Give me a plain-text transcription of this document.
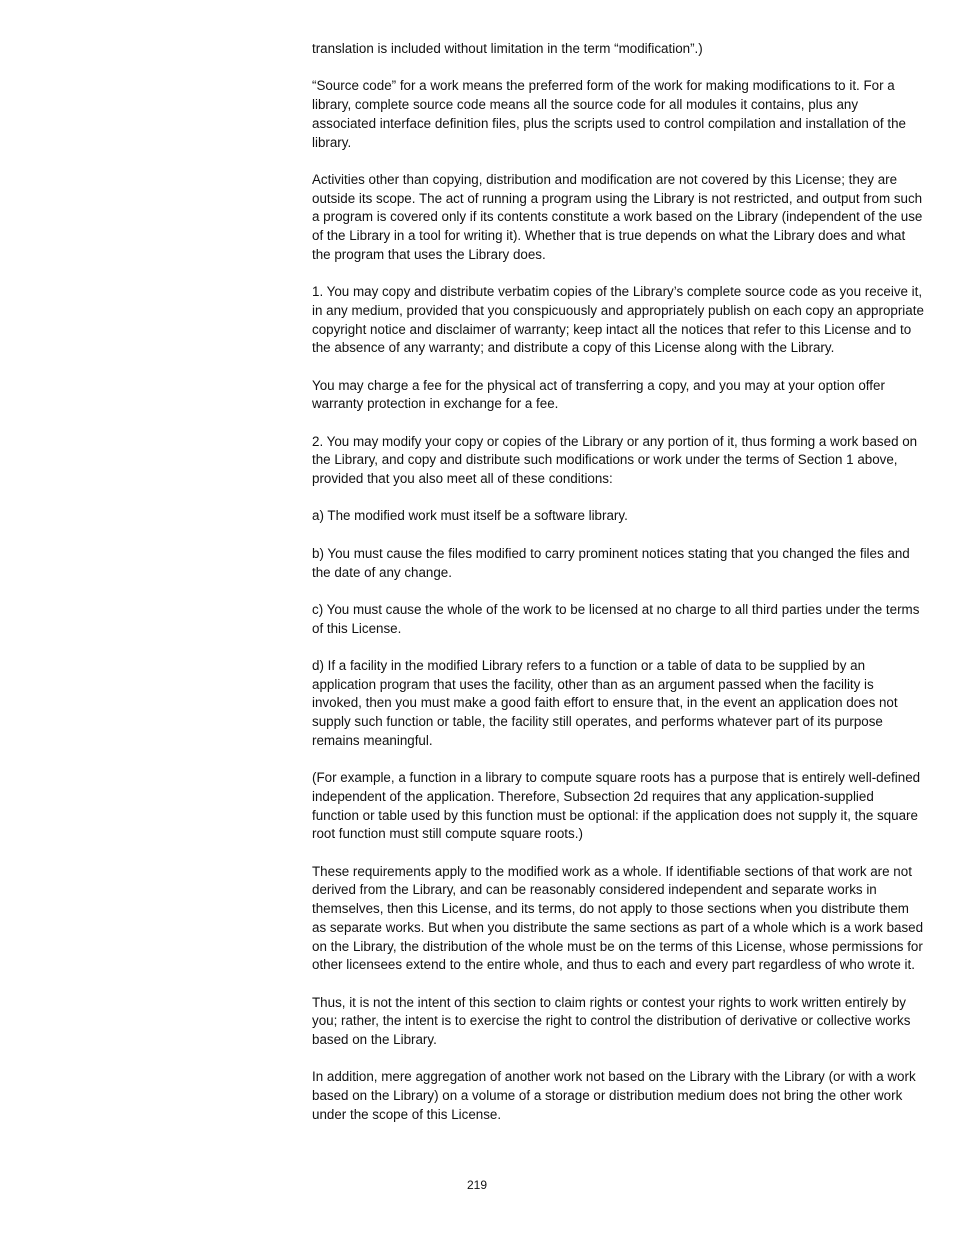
translation is included without limitation in the term “modification”.)

“Source code” for a work means the preferred form of the work for making modifications to it. For a library, complete source code means all the source code for all modules it contains, plus any associated interface definition files, plus the scripts used to control compilation and installation of the library.

Activities other than copying, distribution and modification are not covered by this License; they are outside its scope. The act of running a program using the Library is not restricted, and output from such a program is covered only if its contents constitute a work based on the Library (independent of the use of the Library in a tool for writing it). Whether that is true depends on what the Library does and what the program that uses the Library does.

1. You may copy and distribute verbatim copies of the Library’s complete source code as you receive it, in any medium, provided that you conspicuously and appropriately publish on each copy an appropriate copyright notice and disclaimer of warranty; keep intact all the notices that refer to this License and to the absence of any warranty; and distribute a copy of this License along with the Library.

You may charge a fee for the physical act of transferring a copy, and you may at your option offer warranty protection in exchange for a fee.

2. You may modify your copy or copies of the Library or any portion of it, thus forming a work based on the Library, and copy and distribute such modifications or work under the terms of Section 1 above, provided that you also meet all of these conditions:

a) The modified work must itself be a software library.

b) You must cause the files modified to carry prominent notices stating that you changed the files and the date of any change.

c) You must cause the whole of the work to be licensed at no charge to all third parties under the terms of this License.

d) If a facility in the modified Library refers to a function or a table of data to be supplied by an application program that uses the facility, other than as an argument passed when the facility is invoked, then you must make a good faith effort to ensure that, in the event an application does not supply such function or table, the facility still operates, and performs whatever part of its purpose remains meaningful.

(For example, a function in a library to compute square roots has a purpose that is entirely well-defined independent of the application. Therefore, Subsection 2d requires that any application-supplied function or table used by this function must be optional: if the application does not supply it, the square root function must still compute square roots.)

These requirements apply to the modified work as a whole. If identifiable sections of that work are not derived from the Library, and can be reasonably considered independent and separate works in themselves, then this License, and its terms, do not apply to those sections when you distribute them as separate works. But when you distribute the same sections as part of a whole which is a work based on the Library, the distribution of the whole must be on the terms of this License, whose permissions for other licensees extend to the entire whole, and thus to each and every part regardless of who wrote it.

Thus, it is not the intent of this section to claim rights or contest your rights to work written entirely by you; rather, the intent is to exercise the right to control the distribution of derivative or collective works based on the Library.

In addition, mere aggregation of another work not based on the Library with the Library (or with a work based on the Library) on a volume of a storage or distribution medium does not bring the other work under the scope of this License.

219
